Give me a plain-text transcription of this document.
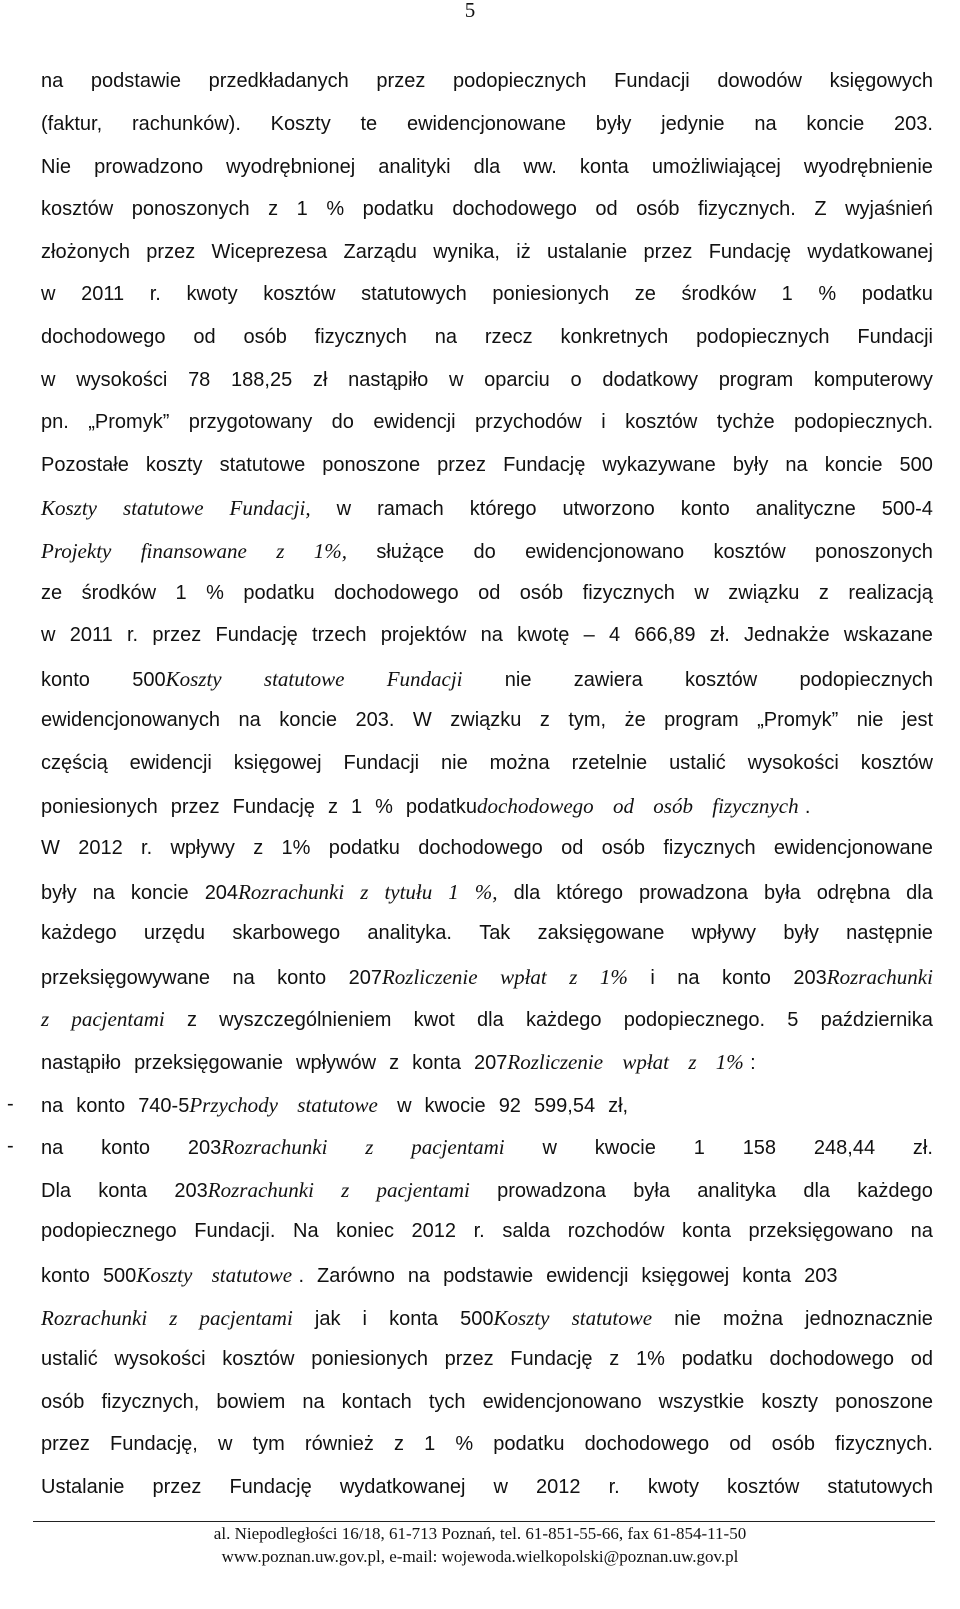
5
na podstawie przedkładanych przez podopiecznych Fundacji dowodów księgowych
(faktur, rachunków). Koszty te ewidencjonowane były jedynie na koncie 203.
Nie prowadzono wyodrębnionej analityki dla ww. konta umożliwiającej wyodrębnienie
kosztów ponoszonych z 1 % podatku dochodowego od osób fizycznych. Z wyjaśnień
złożonych przez Wiceprezesa Zarządu wynika, iż ustalanie przez Fundację wydatkowanej
w 2011 r. kwoty kosztów statutowych poniesionych ze środków 1 % podatku
dochodowego od osób fizycznych na rzecz konkretnych podopiecznych Fundacji
w wysokości 78 188,25 zł nastąpiło w oparciu o dodatkowy program komputerowy
pn. „Promyk” przygotowany do ewidencji przychodów i kosztów tychże podopiecznych.
Pozostałe koszty statutowe ponoszone przez Fundację wykazywane były na koncie 500
Koszty statutowe Fundacji, w ramach którego utworzono konto analityczne 500-4
Projekty finansowane z 1%, służące do ewidencjonowano kosztów ponoszonych
ze środków 1 % podatku dochodowego od osób fizycznych w związku z realizacją
w 2011 r. przez Fundację trzech projektów na kwotę – 4 666,89 zł. Jednakże wskazane
konto 500Koszty statutowe Fundacji nie zawiera kosztów podopiecznych
ewidencjonowanych na koncie 203. W związku z tym, że program „Promyk” nie jest
częścią ewidencji księgowej Fundacji nie można rzetelnie ustalić wysokości kosztów
poniesionych przez Fundację z 1 % podatkudochodowego od osób fizycznych .
W 2012 r. wpływy z 1% podatku dochodowego od osób fizycznych ewidencjonowane
były na koncie 204Rozrachunki z tytułu 1 %, dla którego prowadzona była odrębna dla
każdego urzędu skarbowego analityka. Tak zaksięgowane wpływy były następnie
przeksięgowywane na konto 207Rozliczenie wpłat z 1% i na konto 203Rozrachunki
z pacjentami z wyszczególnieniem kwot dla każdego podopiecznego. 5 października
nastąpiło przeksięgowanie wpływów z konta 207Rozliczenie wpłat z 1% :
- na konto 740-5Przychody statutowe w kwocie 92 599,54 zł,
- na konto 203Rozrachunki z pacjentami w kwocie 1 158 248,44 zł.
Dla konta 203Rozrachunki z pacjentami prowadzona była analityka dla każdego
podopiecznego Fundacji. Na koniec 2012 r. salda rozchodów konta przeksięgowano na
konto 500Koszty statutowe . Zarówno na podstawie ewidencji księgowej konta 203
Rozrachunki z pacjentami jak i konta 500Koszty statutowe nie można jednoznacznie
ustalić wysokości kosztów poniesionych przez Fundację z 1% podatku dochodowego od
osób fizycznych, bowiem na kontach tych ewidencjonowano wszystkie koszty ponoszone
przez Fundację, w tym również z 1 % podatku dochodowego od osób fizycznych.
Ustalanie przez Fundację wydatkowanej w 2012 r. kwoty kosztów statutowych
al. Niepodległości 16/18, 61-713 Poznań, tel. 61-851-55-66, fax 61-854-11-50
www.poznan.uw.gov.pl, e-mail: wojewoda.wielkopolski@poznan.uw.gov.pl
